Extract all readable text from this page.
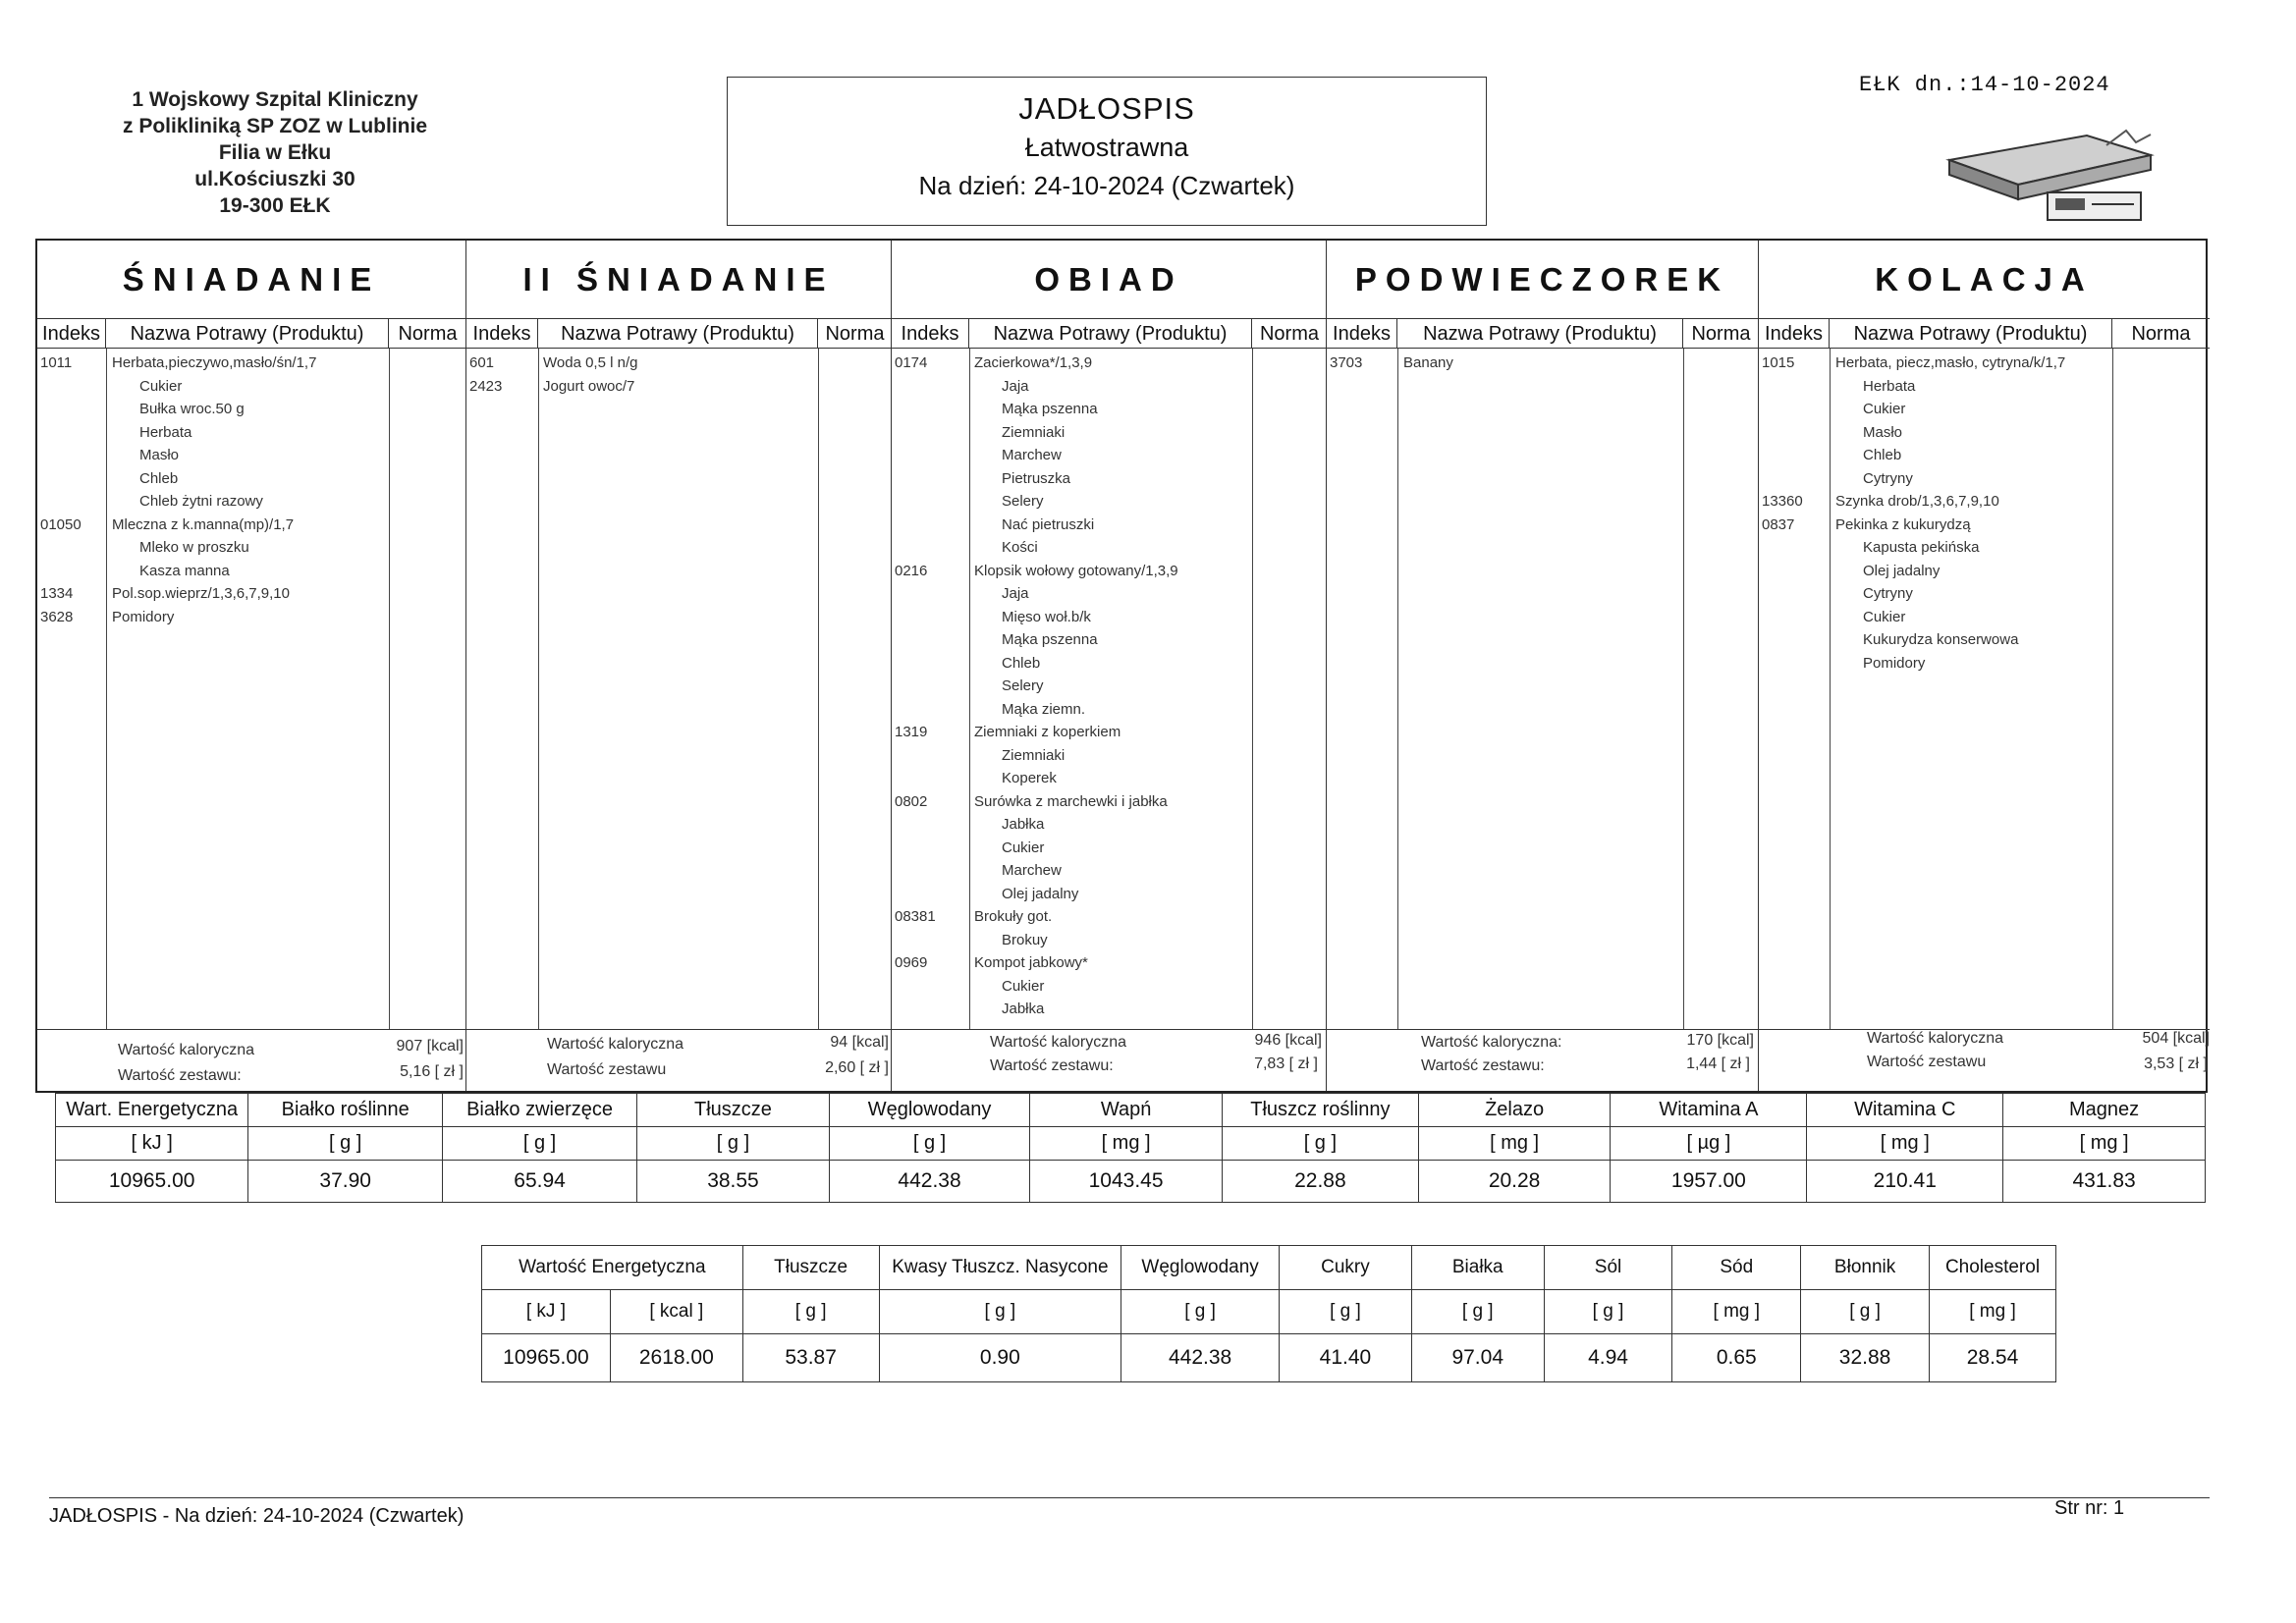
1 Wojskowy Szpital Kliniczny
z Polikliniką SP ZOZ w Lublinie
Filia w Ełku
ul.Kościuszki 30
19-300 EŁK
JADŁOSPIS
Łatwostrawna
Na dzień: 24-10-2024 (Czwartek)
EŁK dn.:14-10-2024
ŚNIADANIE
Indeks	Nazwa Potrawy (Produktu)	Norma
1011	Herbata,pieczywo,masło/śn/1,7
Cukier
Bułka wroc.50 g
Herbata
Masło
Chleb
Chleb żytni razowy
01050 Mleczna z k.manna(mp)/1,7
Mleko w proszku
Kasza manna
1334	Pol.sop.wieprz/1,3,6,7,9,10
3628	Pomidory
Wartość kaloryczna	907 [kcal]
Wartość zestawu:	5,16 [ zł ]
II ŚNIADANIE
Indeks	Nazwa Potrawy (Produktu)	Norma
601	Woda 0,5 l n/g
2423	Jogurt owoc/7
Wartość kaloryczna	94 [kcal]
Wartość zestawu	2,60 [ zł ]
OBIAD
Indeks	Nazwa Potrawy (Produktu)	Norma
0174	Zacierkowa*/1,3,9
Jaja
Mąka pszenna
Ziemniaki
Marchew
Pietruszka
Selery
Nać pietruszki
Kości
0216	Klopsik wołowy gotowany/1,3,9
Jaja
Mięso woł.b/k
Mąka pszenna
Chleb
Selery
Mąka ziemn.
1319	Ziemniaki z koperkiem
Ziemniaki
Koperek
0802	Surówka z marchewki i jabłka
Jabłka
Cukier
Marchew
Olej jadalny
08381	Brokuły got.
Brokuy
0969	Kompot jabkowy*
Cukier
Jabłka
Wartość kaloryczna	946 [kcal]
Wartość zestawu:	7,83 [ zł ]
PODWIECZOREK
Indeks	Nazwa Potrawy (Produktu)	Norma
3703	Banany
Wartość kaloryczna:	170 [kcal]
Wartość zestawu:	1,44 [ zł ]
KOLACJA
Indeks	Nazwa Potrawy (Produktu)	Norma
1015	Herbata, piecz,masło, cytryna/k/1,7
Herbata
Cukier
Masło
Chleb
Cytryny
13360 Szynka drob/1,3,6,7,9,10
0837	Pekinka z kukurydzą
Kapusta pekińska
Olej jadalny
Cytryny
Cukier
Kukurydza konserwowa
Pomidory
Wartość kaloryczna	504 [kcal]
Wartość zestawu	3,53 [ zł ]
Wart. Energetyczna	Białko roślinne	Białko zwierzęce	Tłuszcze	Węglowodany	Wapń	Tłuszcz roślinny	Żelazo	Witamina A	Witamina C	Magnez
[ kJ ]	[ g ]	[ g ]	[ g ]	[ g ]	[ mg ]	[ g ]	[ mg ]	[ µg ]	[ mg ]	[ mg ]
10965.00	37.90	65.94	38.55	442.38	1043.45	22.88	20.28	1957.00	210.41	431.83
Wartość Energetyczna		Tłuszcze	Kwasy Tłuszcz. Nasycone	Węglowodany	Cukry	Białka	Sól	Sód	Błonnik	Cholesterol
[ kJ ]	[ kcal ]	[ g ]	[ g ]	[ g ]	[ g ]	[ g ]	[ g ]	[ mg ]	[ g ]	[ mg ]
10965.00	2618.00	53.87	0.90	442.38	41.40	97.04	4.94	0.65	32.88	28.54
JADŁOSPIS - Na dzień: 24-10-2024 (Czwartek)	Str nr: 1
